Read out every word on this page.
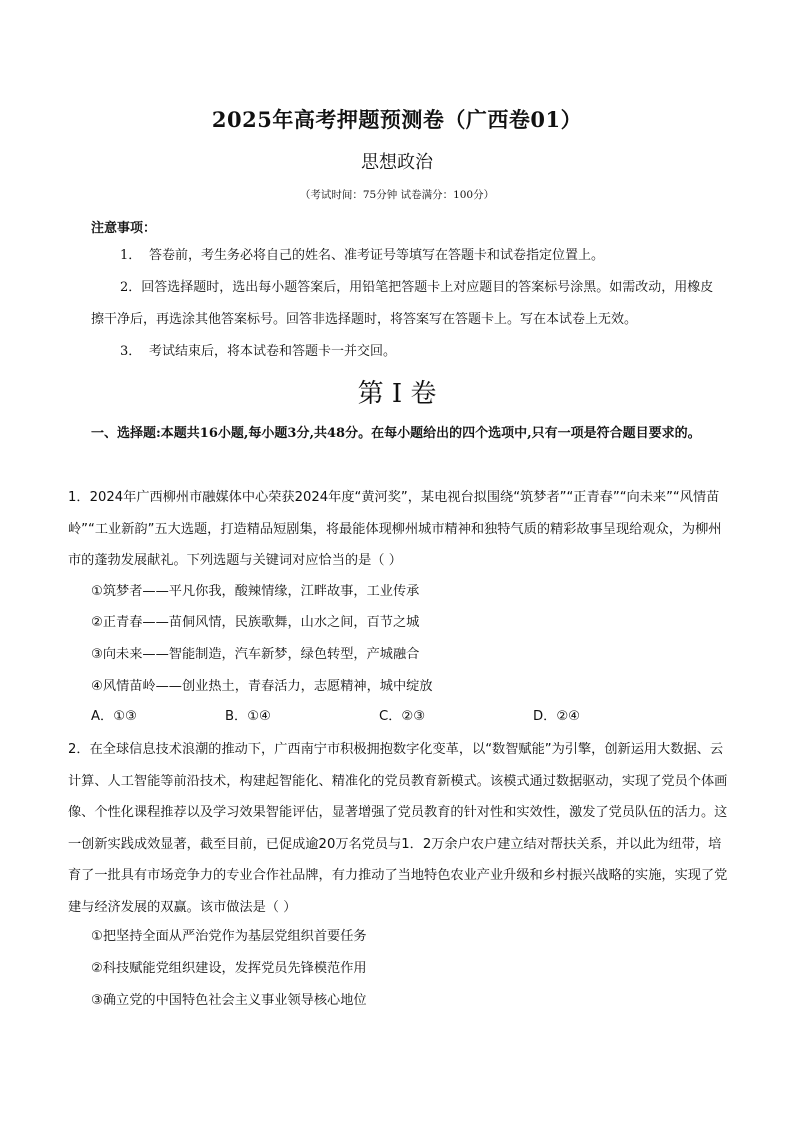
2025年高考押题预测卷（广西卷01）
思想政治
（考试时间：75分钟 试卷满分：100分）
注意事项：
1． 答卷前，考生务必将自己的姓名、准考证号等填写在答题卡和试卷指定位置上。
2．回答选择题时，选出每小题答案后，用铅笔把答题卡上对应题目的答案标号涂黑。如需改动，用橡皮擦干净后，再选涂其他答案标号。回答非选择题时，将答案写在答题卡上。写在本试卷上无效。
3． 考试结束后，将本试卷和答题卡一并交回。
第 I 卷
一、选择题:本题共16小题,每小题3分,共48分。在每小题给出的四个选项中,只有一项是符合题目要求的。
1．2024年广西柳州市融媒体中心荣获2024年度“黄河奖”，某电视台拟围绕“筑梦者”“正青春”“向未来”“风情苗岭”“工业新韵”五大选题，打造精品短剧集，将最能体现柳州城市精神和独特气质的精彩故事呈现给观众，为柳州市的蓬勃发展献礼。下列选题与关键词对应恰当的是（ ）
①筑梦者——平凡你我，酸辣情缘，江畔故事，工业传承
②正青春——苗侗风情，民族歌舞，山水之间，百节之城
③向未来——智能制造，汽车新梦，绿色转型，产城融合
④风情苗岭——创业热土，青春活力，志愿精神，城中绽放
A．①③	B．①④	C．②③	D．②④
2．在全球信息技术浪潮的推动下，广西南宁市积极拥抱数字化变革，以“数智赋能”为引擎，创新运用大数据、云计算、人工智能等前沿技术，构建起智能化、精准化的党员教育新模式。该模式通过数据驱动，实现了党员个体画像、个性化课程推荐以及学习效果智能评估，显著增强了党员教育的针对性和实效性，激发了党员队伍的活力。这一创新实践成效显著，截至目前，已促成逾20万名党员与1．2万余户农户建立结对帮扶关系，并以此为纽带，培育了一批具有市场竞争力的专业合作社品牌，有力推动了当地特色农业产业升级和乡村振兴战略的实施，实现了党建与经济发展的双赢。该市做法是（ ）
①把坚持全面从严治党作为基层党组织首要任务
②科技赋能党组织建设，发挥党员先锋模范作用
③确立党的中国特色社会主义事业领导核心地位
